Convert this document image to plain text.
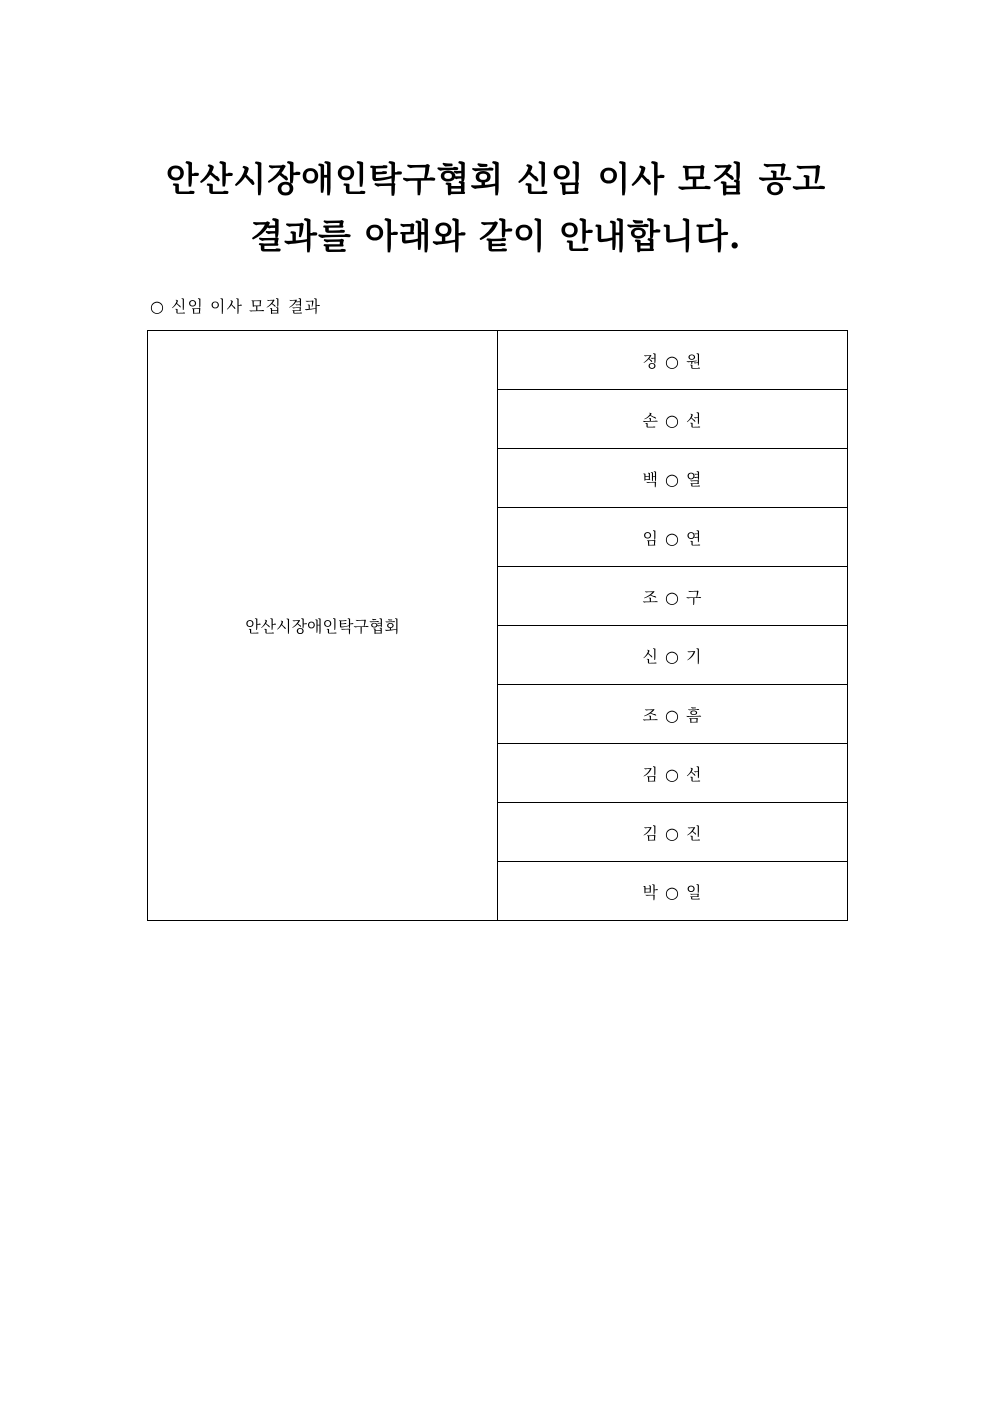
안산시장애인탁구협회 신임 이사 모집 공고
결과를 아래와 같이 안내합니다.
○ 신임 이사 모집 결과
안산시장애인탁구협회	정 ○ 원
손 ○ 선
백 ○ 열
임 ○ 연
조 ○ 구
신 ○ 기
조 ○ 흠
김 ○ 선
김 ○ 진
박 ○ 일
